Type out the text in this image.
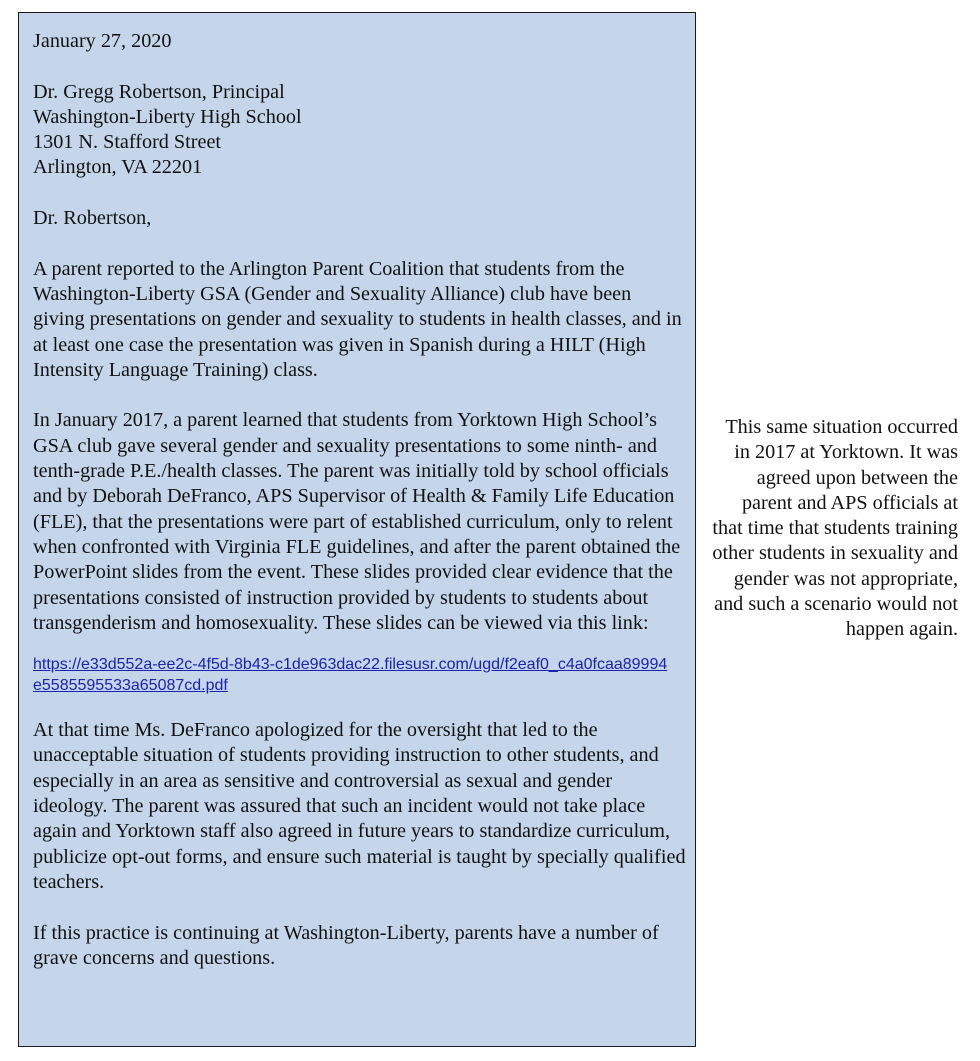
January 27, 2020

Dr. Gregg Robertson, Principal
Washington-Liberty High School
1301 N. Stafford Street
Arlington, VA 22201

Dr. Robertson,

A parent reported to the Arlington Parent Coalition that students from the Washington-Liberty GSA (Gender and Sexuality Alliance) club have been giving presentations on gender and sexuality to students in health classes, and in at least one case the presentation was given in Spanish during a HILT (High Intensity Language Training) class.

In January 2017, a parent learned that students from Yorktown High School’s GSA club gave several gender and sexuality presentations to some ninth- and tenth-grade P.E./health classes. The parent was initially told by school officials and by Deborah DeFranco, APS Supervisor of Health & Family Life Education (FLE), that the presentations were part of established curriculum, only to relent when confronted with Virginia FLE guidelines, and after the parent obtained the PowerPoint slides from the event. These slides provided clear evidence that the presentations consisted of instruction provided by students to students about transgenderism and homosexuality. These slides can be viewed via this link:

https://e33d552a-ee2c-4f5d-8b43-c1de963dac22.filesusr.com/ugd/f2eaf0_c4a0fcaa89994e5585595533a65087cd.pdf

At that time Ms. DeFranco apologized for the oversight that led to the unacceptable situation of students providing instruction to other students, and especially in an area as sensitive and controversial as sexual and gender ideology. The parent was assured that such an incident would not take place again and Yorktown staff also agreed in future years to standardize curriculum, publicize opt-out forms, and ensure such material is taught by specially qualified teachers.

If this practice is continuing at Washington-Liberty, parents have a number of grave concerns and questions.

This same situation occurred in 2017 at Yorktown. It was agreed upon between the parent and APS officials at that time that students training other students in sexuality and gender was not appropriate, and such a scenario would not happen again.
